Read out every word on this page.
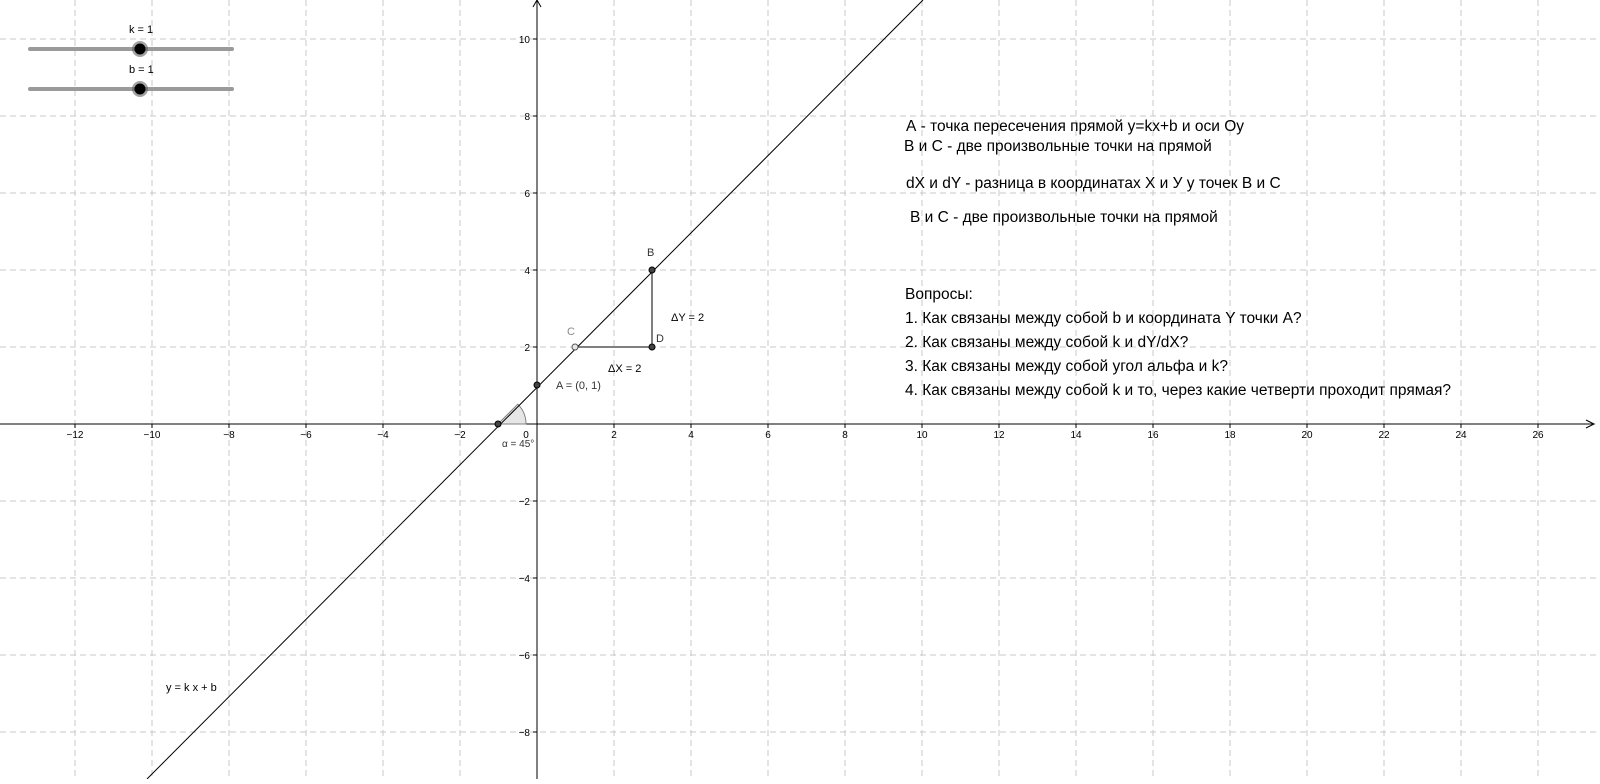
−12	−10	−8	−6	−4	−2	0	2	4	6	8	10	12	14	16	18	20	22	24	26
10
8
6
4
2
−2
−4
−6
−8
B
C
D
A = (0, 1)
ΔY = 2
ΔX = 2
α = 45°
y = k x + b
k = 1
b = 1
А - точка пересечения прямой y=kx+b и оси Оу
В и С - две произвольные точки на прямой
dX и dY - разница в координатах X и У у точек В и С
В и С - две произвольные точки на прямой
Вопросы:
1. Как связаны между собой b и координата Y точки A?
2. Как связаны между собой k и dY/dX?
3. Как связаны между собой угол альфа и k?
4. Как связаны между собой k и то, через какие четверти проходит прямая?
